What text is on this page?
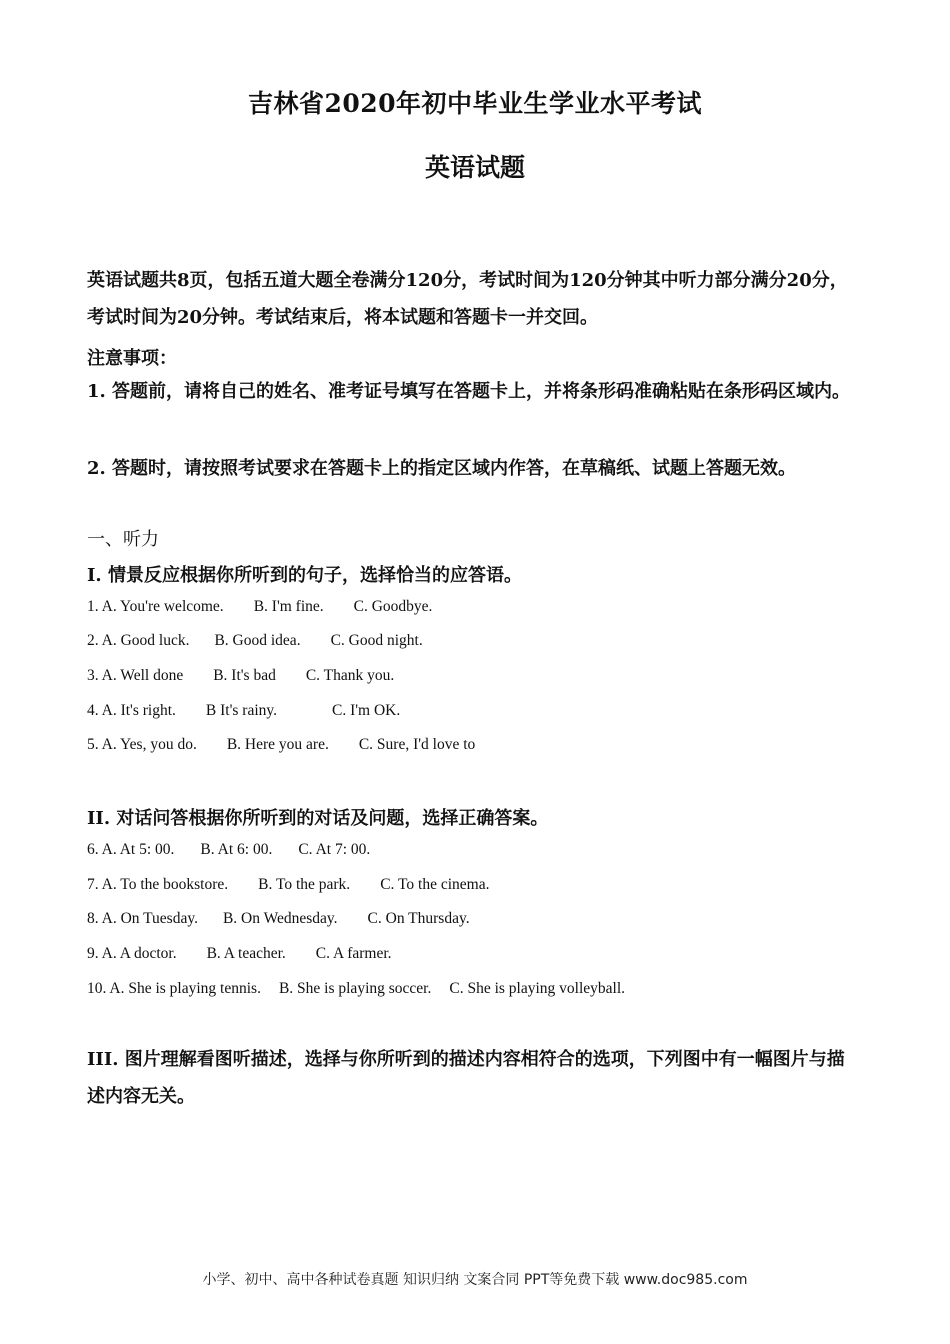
吉林省2020年初中毕业生学业水平考试
英语试题
英语试题共8页，包括五道大题全卷满分120分，考试时间为120分钟其中听力部分满分20分，考试时间为20分钟。考试结束后，将本试题和答题卡一并交回。
注意事项：
1. 答题前，请将自己的姓名、准考证号填写在答题卡上，并将条形码准确粘贴在条形码区域内。
2. 答题时，请按照考试要求在答题卡上的指定区域内作答，在草稿纸、试题上答题无效。
一、听力
I. 情景反应根据你所听到的句子，选择恰当的应答语。
1. A. You're welcome. B. I'm fine. C. Goodbye.
2. A. Good luck. B. Good idea. C. Good night.
3. A. Well done B. It's bad C. Thank you.
4. A. It's right. B It's rainy.	C. I'm OK.
5. A. Yes, you do. B. Here you are. C. Sure, I'd love to
II. 对话问答根据你所听到的对话及问题，选择正确答案。
6. A. At 5: 00. B. At 6: 00. C. At 7: 00.
7. A. To the bookstore. B. To the park. C. To the cinema.
8. A. On Tuesday. B. On Wednesday. C. On Thursday.
9. A. A doctor. B. A teacher. C. A farmer.
10. A. She is playing tennis. B. She is playing soccer. C. She is playing volleyball.
III. 图片理解看图听描述，选择与你所听到的描述内容相符合的选项，下列图中有一幅图片与描述内容无关。
小学、初中、高中各种试卷真题 知识归纳 文案合同 PPT等免费下载 www.doc985.com
